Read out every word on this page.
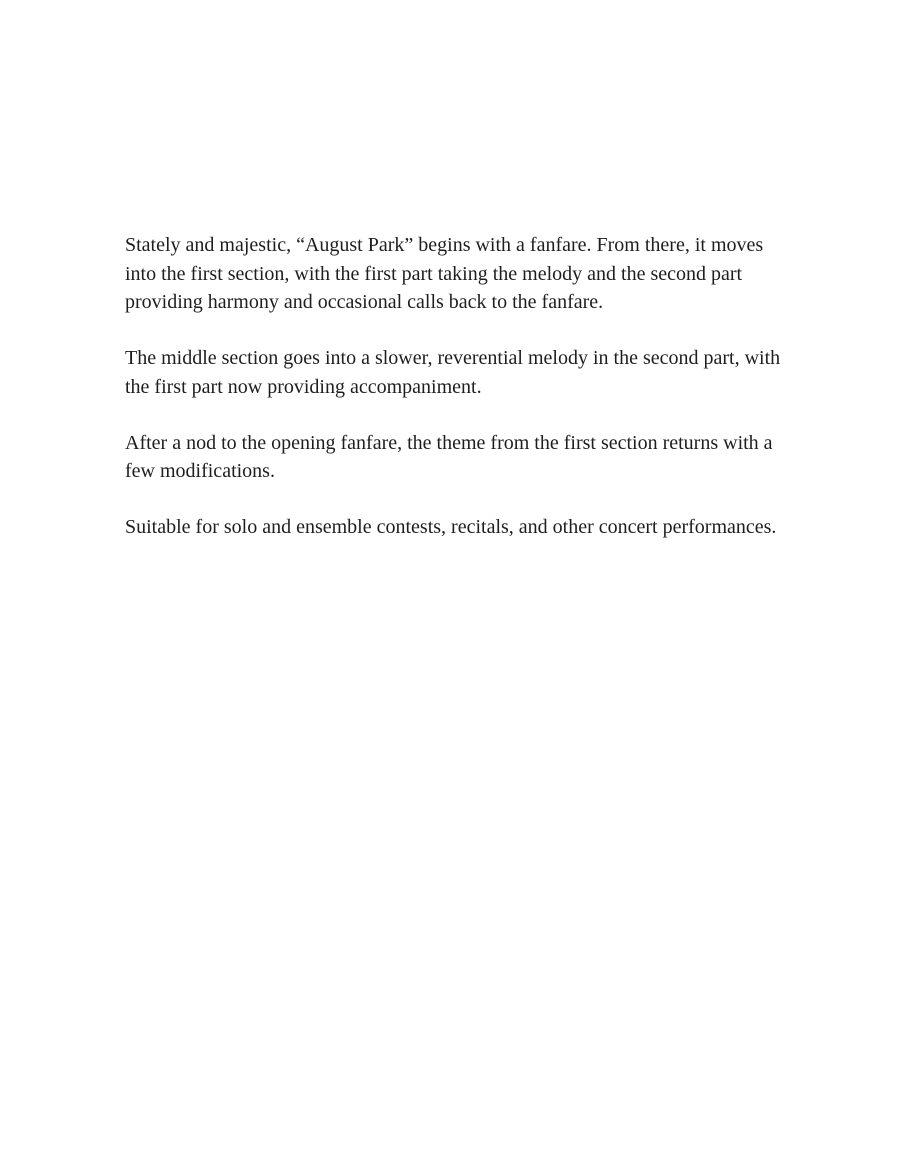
Stately and majestic, “August Park” begins with a fanfare. From there, it moves into the first section, with the first part taking the melody and the second part providing harmony and occasional calls back to the fanfare.

The middle section goes into a slower, reverential melody in the second part, with the first part now providing accompaniment.

After a nod to the opening fanfare, the theme from the first section returns with a few modifications.

Suitable for solo and ensemble contests, recitals, and other concert performances.
